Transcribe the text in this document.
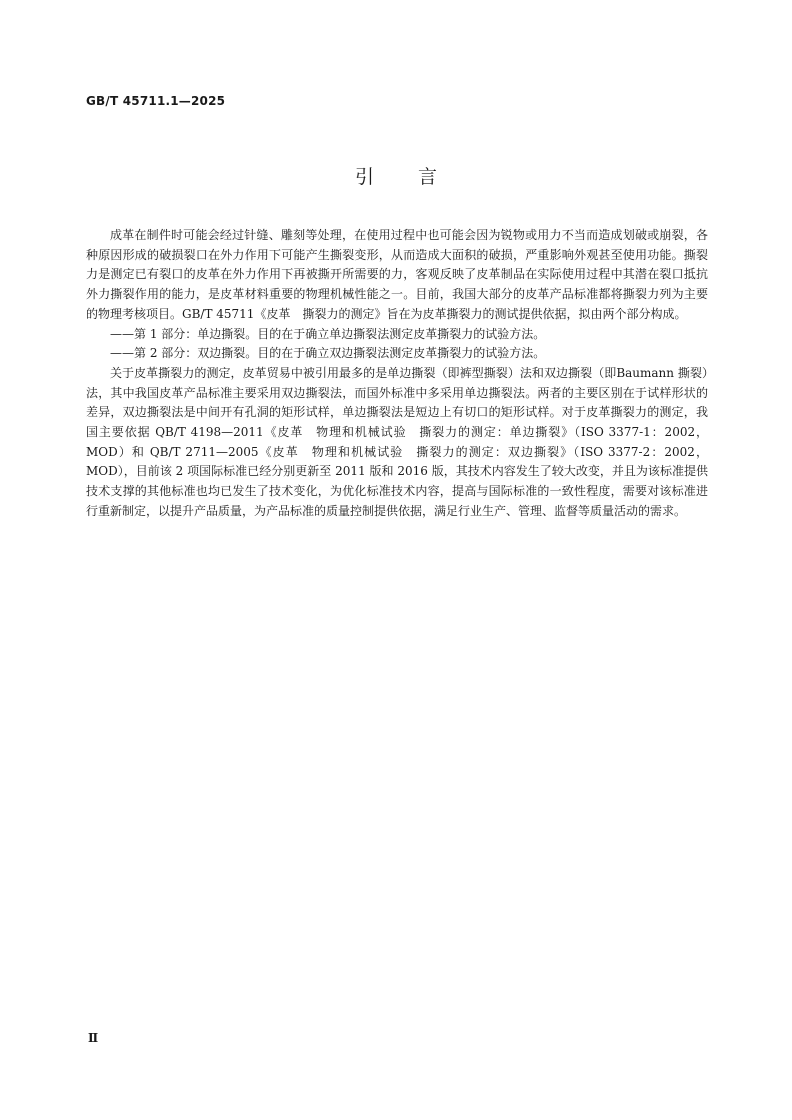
GB/T 45711.1—2025
引言

成革在制件时可能会经过针缝、雕刻等处理，在使用过程中也可能会因为锐物或用力不当而造成划破或崩裂，各种原因形成的破损裂口在外力作用下可能产生撕裂变形，从而造成大面积的破损，严重影响外观甚至使用功能。撕裂力是测定已有裂口的皮革在外力作用下再被撕开所需要的力，客观反映了皮革制品在实际使用过程中其潜在裂口抵抗外力撕裂作用的能力，是皮革材料重要的物理机械性能之一。目前，我国大部分的皮革产品标准都将撕裂力列为主要的物理考核项目。GB/T 45711《皮革　撕裂力的测定》旨在为皮革撕裂力的测试提供依据，拟由两个部分构成。

——第 1 部分：单边撕裂。目的在于确立单边撕裂法测定皮革撕裂力的试验方法。

——第 2 部分：双边撕裂。目的在于确立双边撕裂法测定皮革撕裂力的试验方法。

关于皮革撕裂力的测定，皮革贸易中被引用最多的是单边撕裂（即裤型撕裂）法和双边撕裂（即Baumann 撕裂）法，其中我国皮革产品标准主要采用双边撕裂法，而国外标准中多采用单边撕裂法。两者的主要区别在于试样形状的差异，双边撕裂法是中间开有孔洞的矩形试样，单边撕裂法是短边上有切口的矩形试样。对于皮革撕裂力的测定，我国主要依据 QB/T 4198—2011《皮革　物理和机械试验　撕裂力的测定：单边撕裂》（ISO 3377-1：2002，MOD）和 QB/T 2711—2005《皮革　物理和机械试验　撕裂力的测定：双边撕裂》（ISO 3377-2：2002，MOD），目前该 2 项国际标准已经分别更新至 2011 版和 2016 版，其技术内容发生了较大改变，并且为该标准提供技术支撑的其他标准也均已发生了技术变化，为优化标准技术内容，提高与国际标准的一致性程度，需要对该标准进行重新制定，以提升产品质量，为产品标准的质量控制提供依据，满足行业生产、管理、监督等质量活动的需求。

Ⅱ
